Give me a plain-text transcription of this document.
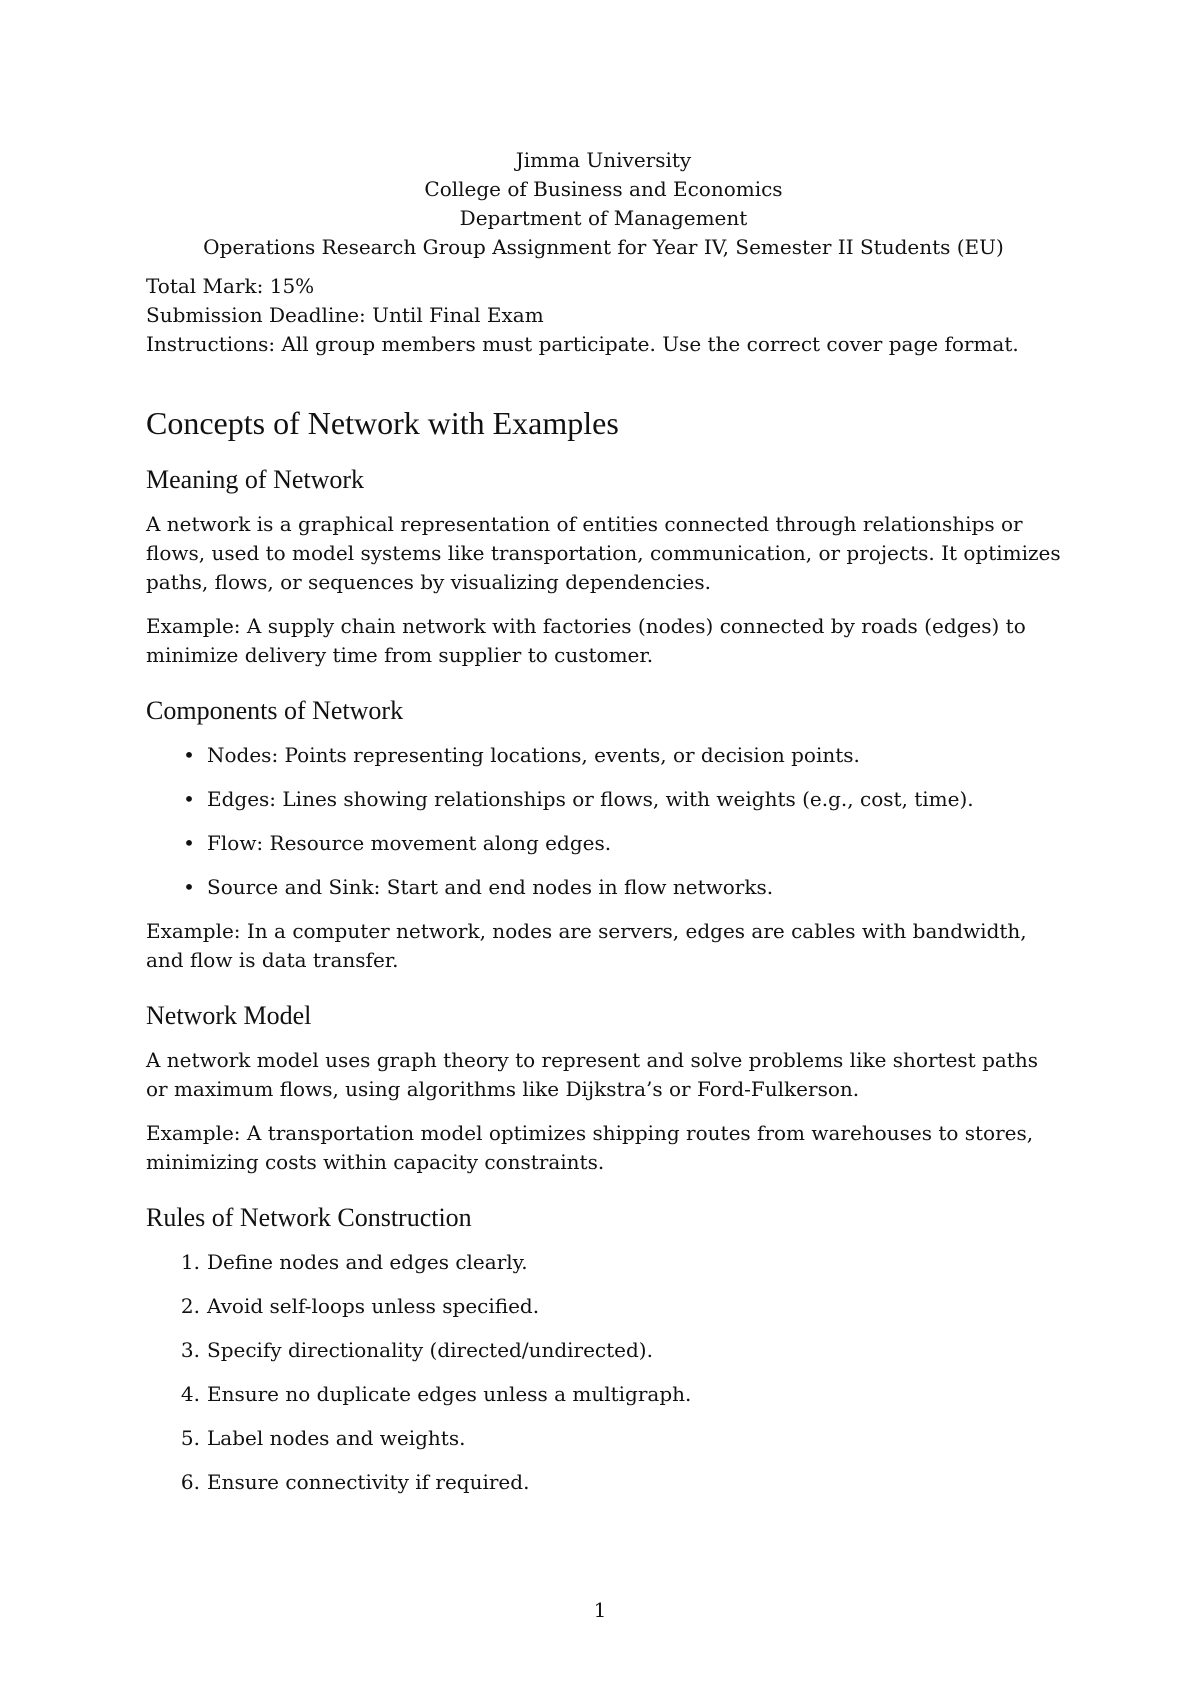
Jimma University
College of Business and Economics
Department of Management
Operations Research Group Assignment for Year IV, Semester II Students (EU)
Total Mark: 15%
Submission Deadline: Until Final Exam
Instructions: All group members must participate. Use the correct cover page format.
Concepts of Network with Examples
Meaning of Network

A network is a graphical representation of entities connected through relationships or flows, used to model systems like transportation, communication, or projects. It optimizes paths, flows, or sequences by visualizing dependencies.

Example: A supply chain network with factories (nodes) connected by roads (edges) to minimize delivery time from supplier to customer.

Components of Network
• Nodes: Points representing locations, events, or decision points.
• Edges: Lines showing relationships or flows, with weights (e.g., cost, time).
• Flow: Resource movement along edges.
• Source and Sink: Start and end nodes in flow networks.

Example: In a computer network, nodes are servers, edges are cables with bandwidth, and flow is data transfer.

Network Model

A network model uses graph theory to represent and solve problems like shortest paths or maximum flows, using algorithms like Dijkstra’s or Ford-Fulkerson.

Example: A transportation model optimizes shipping routes from warehouses to stores, minimizing costs within capacity constraints.

Rules of Network Construction
1. Define nodes and edges clearly.
2. Avoid self-loops unless specified.
3. Specify directionality (directed/undirected).
4. Ensure no duplicate edges unless a multigraph.
5. Label nodes and weights.
6. Ensure connectivity if required.
1
